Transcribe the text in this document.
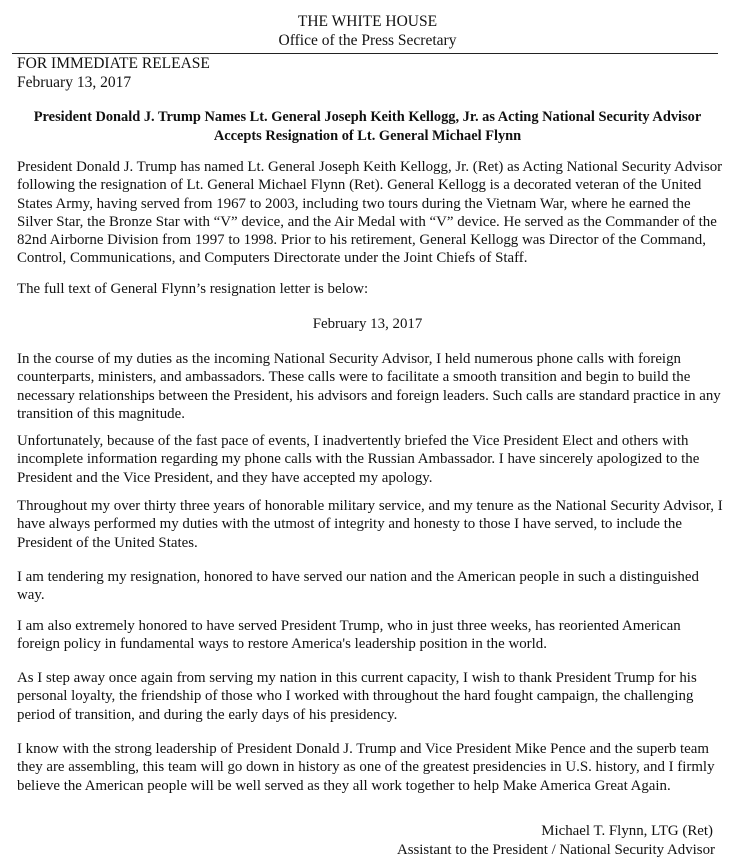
THE WHITE HOUSE
Office of the Press Secretary
FOR IMMEDIATE RELEASE
February 13, 2017
President Donald J. Trump Names Lt. General Joseph Keith Kellogg, Jr. as Acting National Security Advisor
Accepts Resignation of Lt. General Michael Flynn

President Donald J. Trump has named Lt. General Joseph Keith Kellogg, Jr. (Ret) as Acting National Security Advisor following the resignation of Lt. General Michael Flynn (Ret). General Kellogg is a decorated veteran of the United States Army, having served from 1967 to 2003, including two tours during the Vietnam War, where he earned the Silver Star, the Bronze Star with “V” device, and the Air Medal with “V” device. He served as the Commander of the 82nd Airborne Division from 1997 to 1998. Prior to his retirement, General Kellogg was Director of the Command, Control, Communications, and Computers Directorate under the Joint Chiefs of Staff.

The full text of General Flynn’s resignation letter is below:

February 13, 2017

In the course of my duties as the incoming National Security Advisor, I held numerous phone calls with foreign counterparts, ministers, and ambassadors. These calls were to facilitate a smooth transition and begin to build the necessary relationships between the President, his advisors and foreign leaders. Such calls are standard practice in any transition of this magnitude.

Unfortunately, because of the fast pace of events, I inadvertently briefed the Vice President Elect and others with incomplete information regarding my phone calls with the Russian Ambassador. I have sincerely apologized to the President and the Vice President, and they have accepted my apology.

Throughout my over thirty three years of honorable military service, and my tenure as the National Security Advisor, I have always performed my duties with the utmost of integrity and honesty to those I have served, to include the President of the United States.

I am tendering my resignation, honored to have served our nation and the American people in such a distinguished way.

I am also extremely honored to have served President Trump, who in just three weeks, has reoriented American foreign policy in fundamental ways to restore America's leadership position in the world.

As I step away once again from serving my nation in this current capacity, I wish to thank President Trump for his personal loyalty, the friendship of those who I worked with throughout the hard fought campaign, the challenging period of transition, and during the early days of his presidency.

I know with the strong leadership of President Donald J. Trump and Vice President Mike Pence and the superb team they are assembling, this team will go down in history as one of the greatest presidencies in U.S. history, and I firmly believe the American people will be well served as they all work together to help Make America Great Again.

Michael T. Flynn, LTG (Ret)
Assistant to the President / National Security Advisor
